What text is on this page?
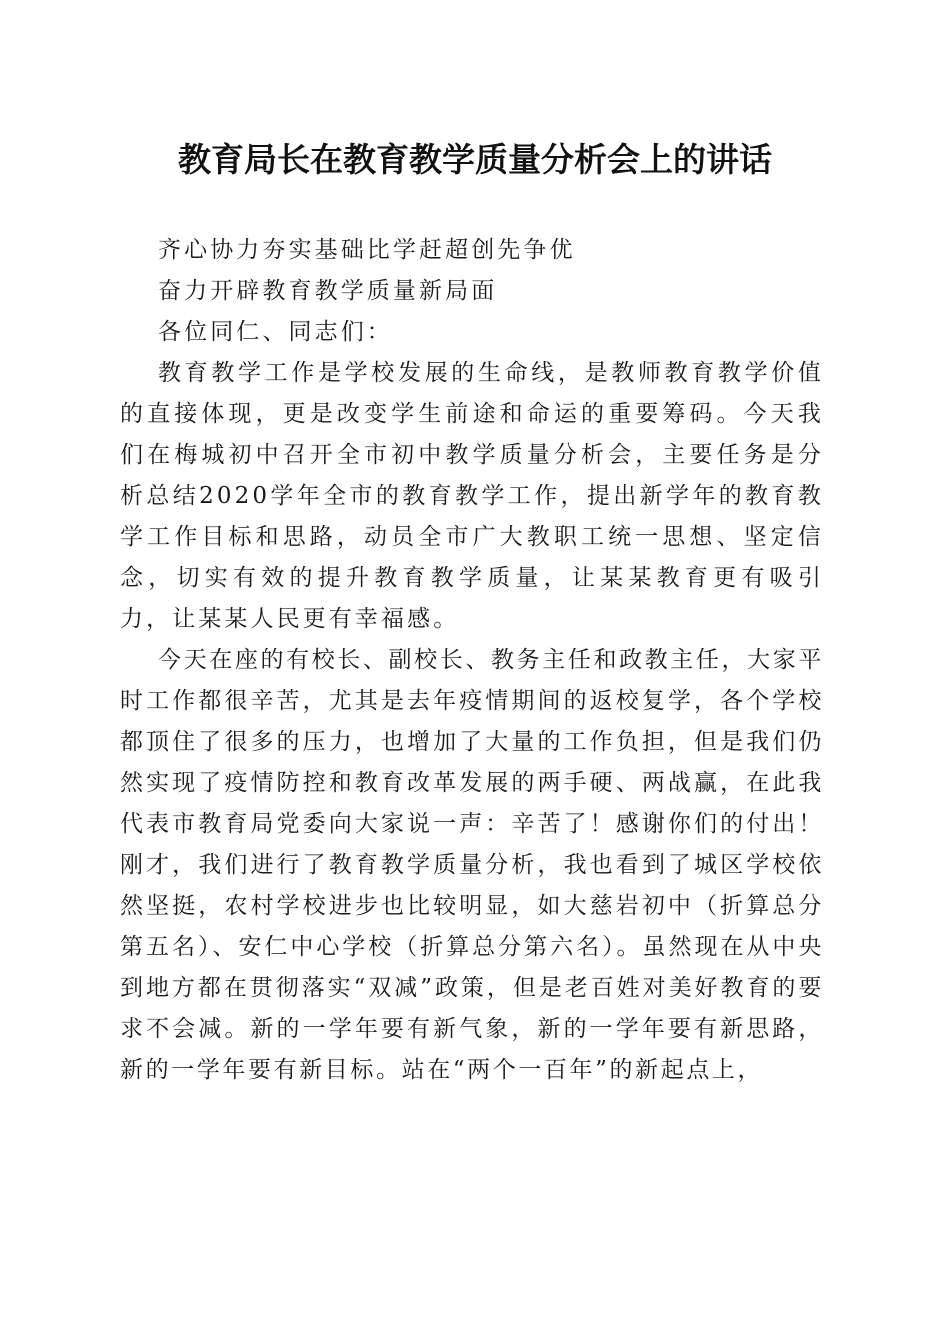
教育局长在教育教学质量分析会上的讲话

齐心协力夯实基础比学赶超创先争优

奋力开辟教育教学质量新局面

各位同仁、同志们：

教育教学工作是学校发展的生命线，是教师教育教学价值的直接体现，更是改变学生前途和命运的重要筹码。今天我们在梅城初中召开全市初中教学质量分析会，主要任务是分析总结2020学年全市的教育教学工作，提出新学年的教育教学工作目标和思路，动员全市广大教职工统一思想、坚定信念，切实有效的提升教育教学质量，让某某教育更有吸引力，让某某人民更有幸福感。

今天在座的有校长、副校长、教务主任和政教主任，大家平时工作都很辛苦，尤其是去年疫情期间的返校复学，各个学校都顶住了很多的压力，也增加了大量的工作负担，但是我们仍然实现了疫情防控和教育改革发展的两手硬、两战赢，在此我代表市教育局党委向大家说一声：辛苦了！感谢你们的付出！刚才，我们进行了教育教学质量分析，我也看到了城区学校依然坚挺，农村学校进步也比较明显，如大慈岩初中（折算总分第五名）、安仁中心学校（折算总分第六名）。虽然现在从中央到地方都在贯彻落实“双减”政策，但是老百姓对美好教育的要求不会减。新的一学年要有新气象，新的一学年要有新思路，新的一学年要有新目标。站在“两个一百年”的新起点上，
